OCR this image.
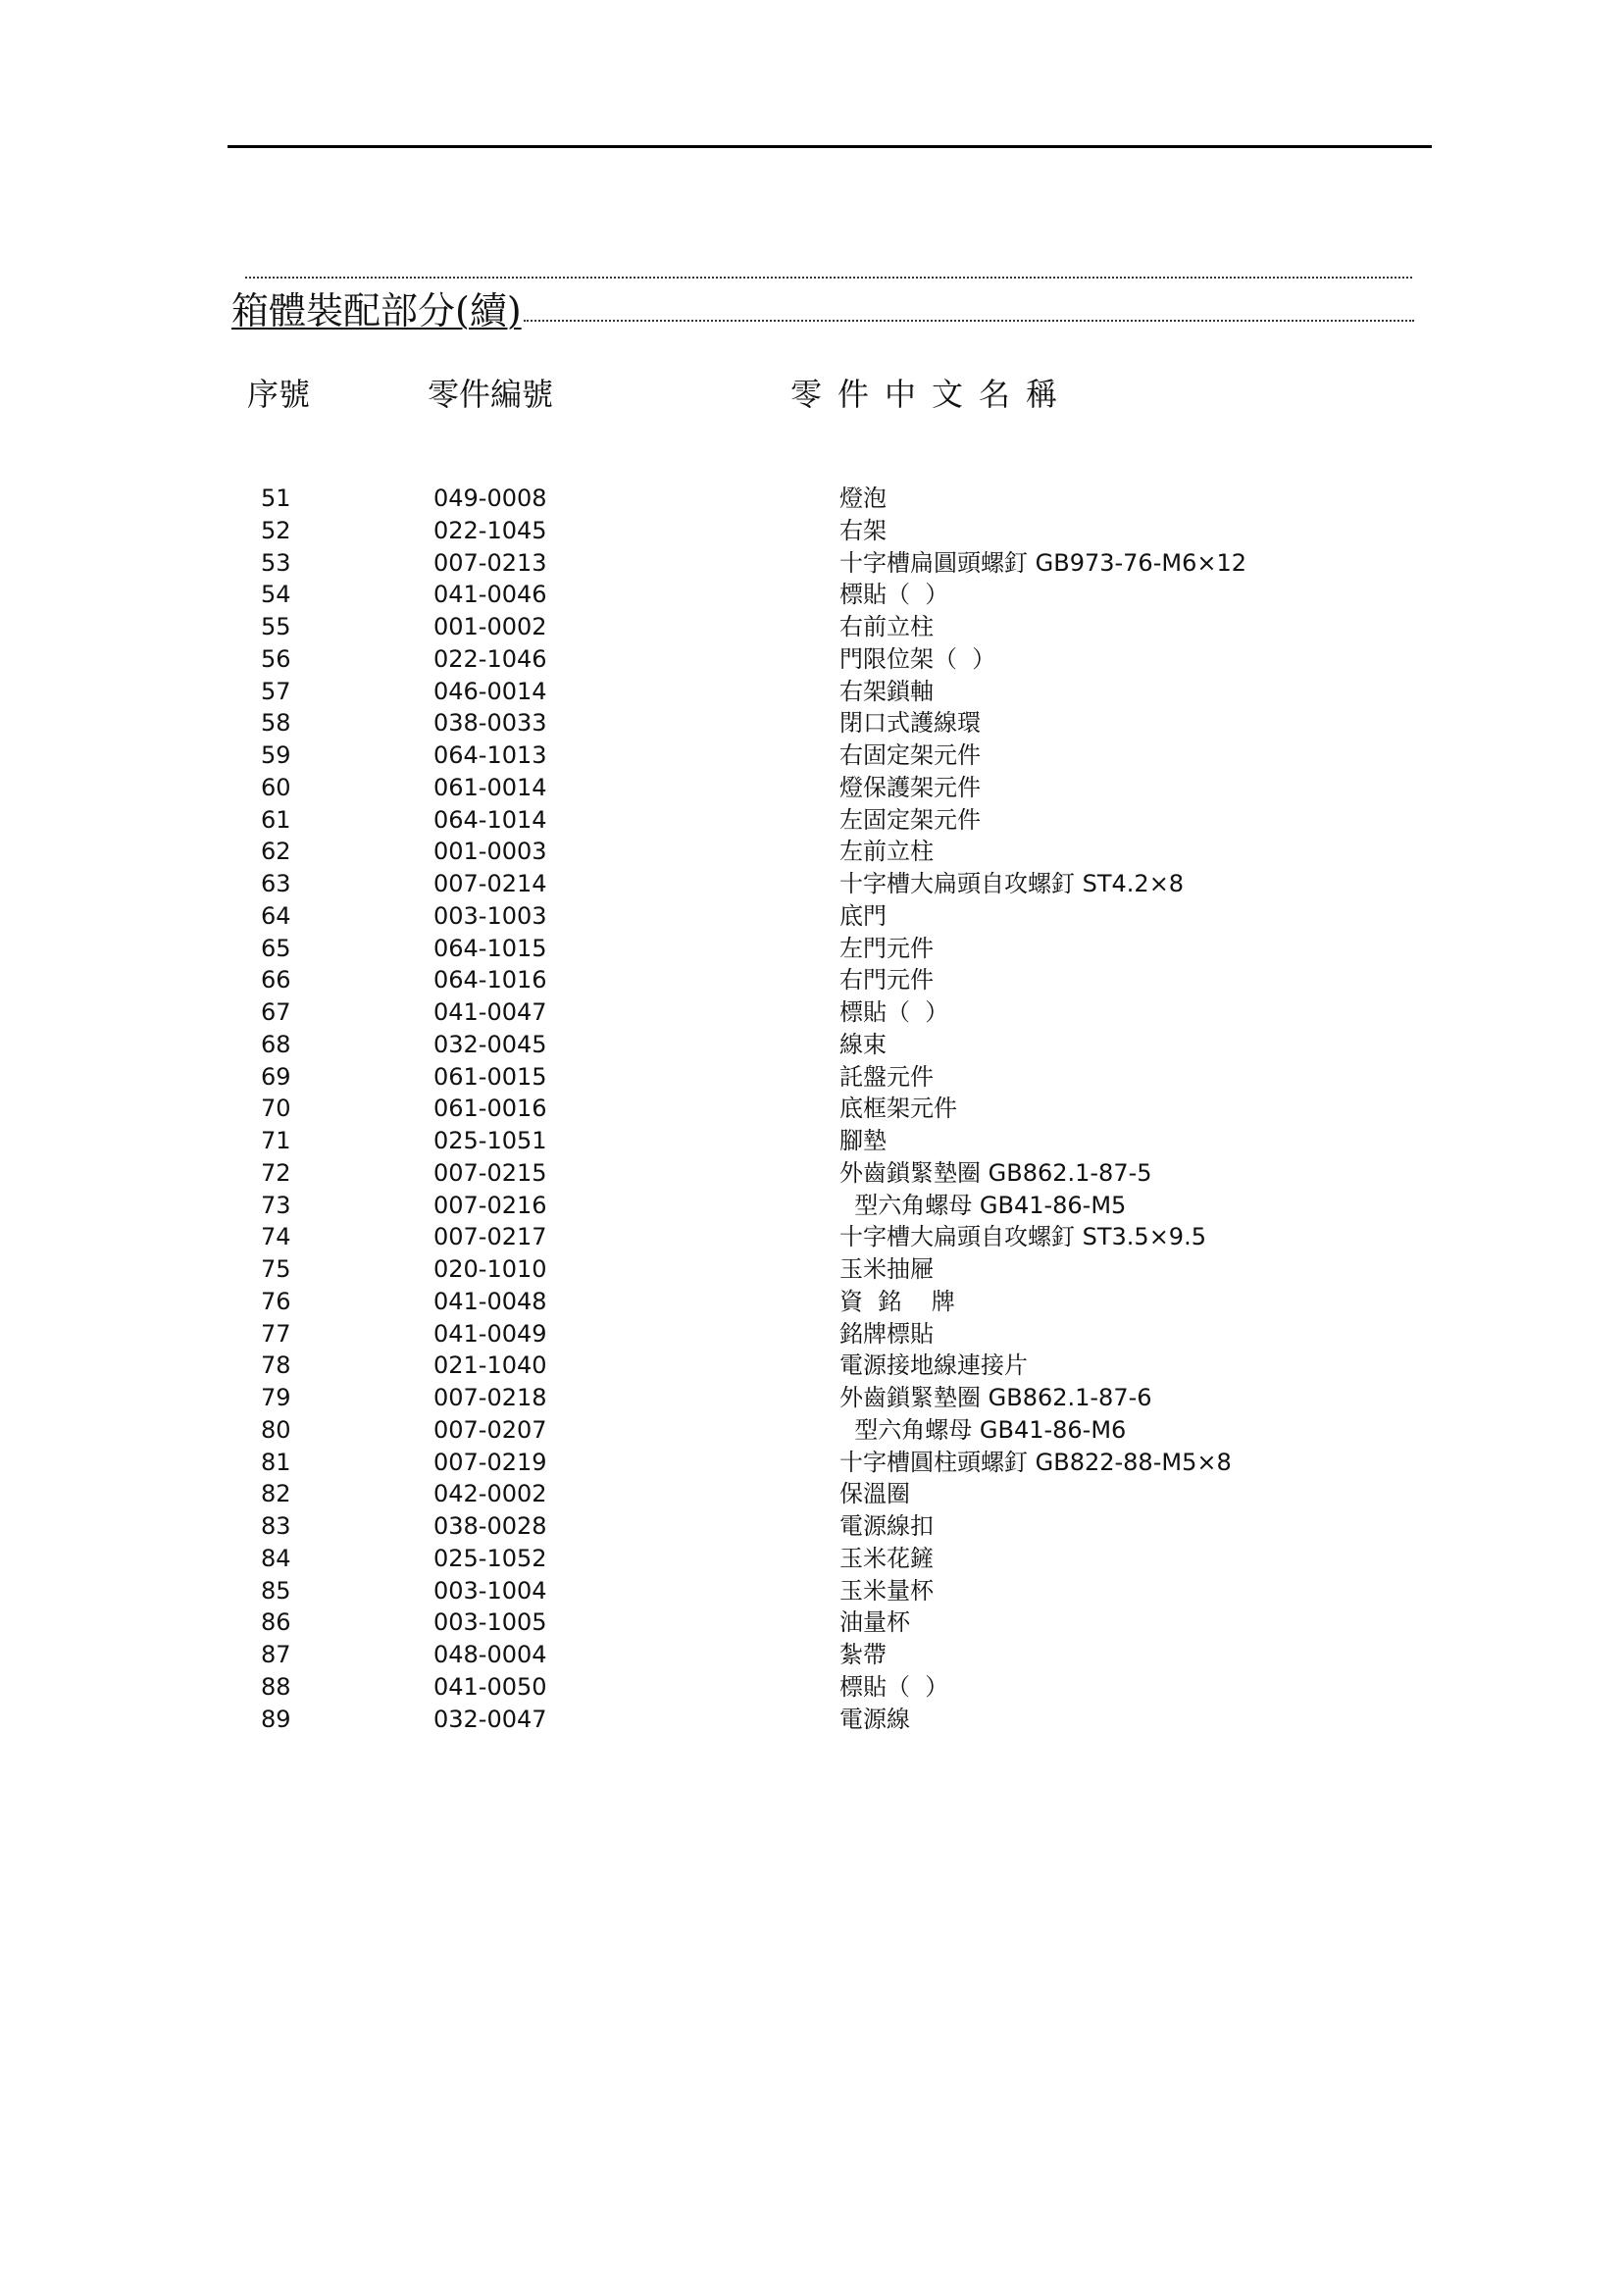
箱體裝配部分(續)
序號	零件編號	零件中文名稱
51	049-0008	燈泡
52	022-1045	右架
53	007-0213	十字槽扁圓頭螺釘 GB973-76-M6×12
54	041-0046	標貼（  ）
55	001-0002	右前立柱
56	022-1046	門限位架（  ）
57	046-0014	右架鎖軸
58	038-0033	閉口式護線環
59	064-1013	右固定架元件
60	061-0014	燈保護架元件
61	064-1014	左固定架元件
62	001-0003	左前立柱
63	007-0214	十字槽大扁頭自攻螺釘 ST4.2×8
64	003-1003	底門
65	064-1015	左門元件
66	064-1016	右門元件
67	041-0047	標貼（  ）
68	032-0045	線束
69	061-0015	託盤元件
70	061-0016	底框架元件
71	025-1051	腳墊
72	007-0215	外齒鎖緊墊圈 GB862.1-87-5
73	007-0216	型六角螺母 GB41-86-M5
74	007-0217	十字槽大扁頭自攻螺釘 ST3.5×9.5
75	020-1010	玉米抽屜
76	041-0048	資  銘    牌
77	041-0049	銘牌標貼
78	021-1040	電源接地線連接片
79	007-0218	外齒鎖緊墊圈 GB862.1-87-6
80	007-0207	型六角螺母 GB41-86-M6
81	007-0219	十字槽圓柱頭螺釘 GB822-88-M5×8
82	042-0002	保溫圈
83	038-0028	電源線扣
84	025-1052	玉米花鏟
85	003-1004	玉米量杯
86	003-1005	油量杯
87	048-0004	紮帶
88	041-0050	標貼（  ）
89	032-0047	電源線
